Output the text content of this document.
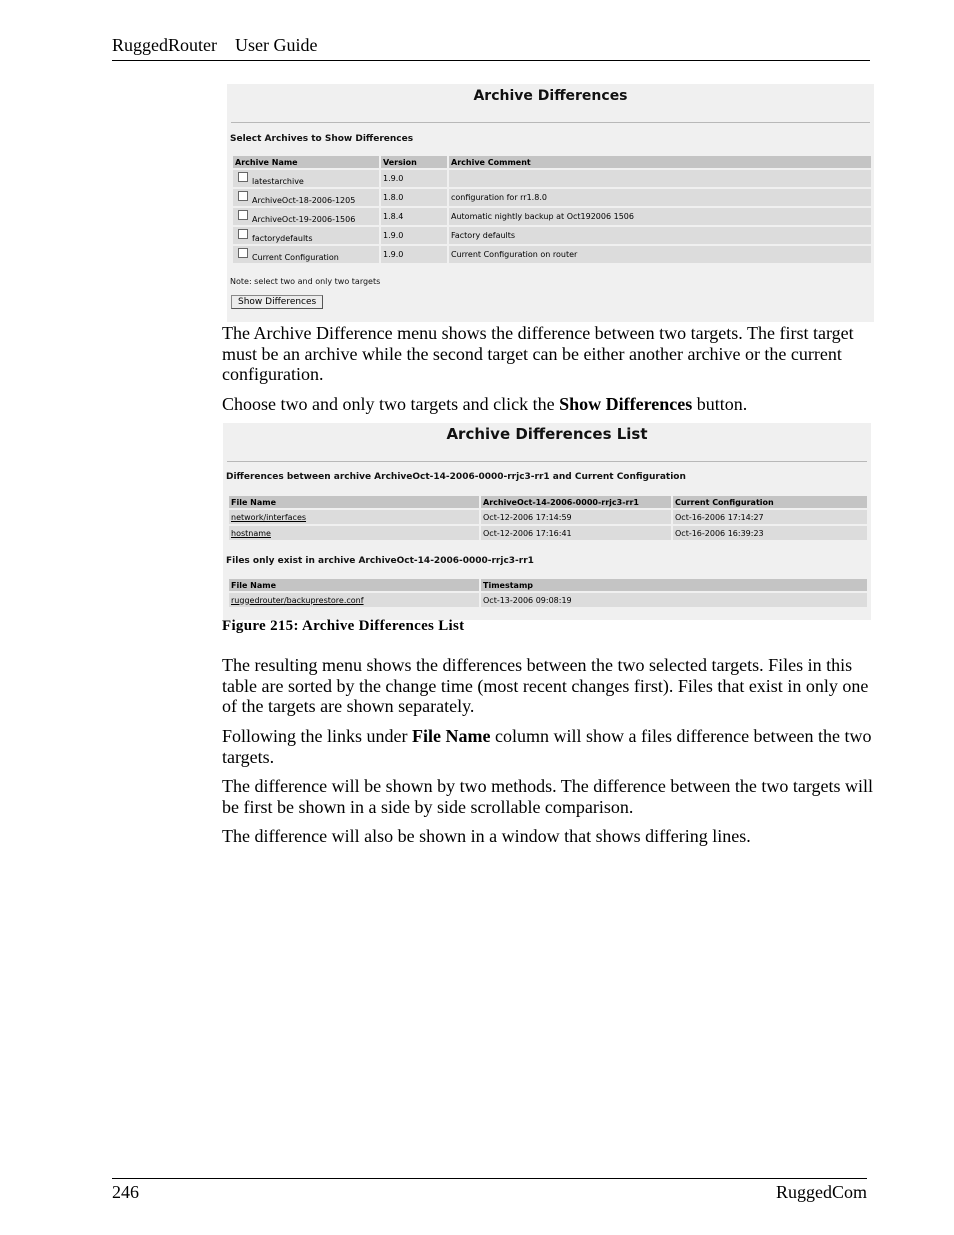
RuggedRouter User Guide
Archive Differences
Select Archives to Show Differences
Archive Name	Version	Archive Comment
latestarchive	1.9.0	
ArchiveOct-18-2006-1205	1.8.0	configuration for rr1.8.0
ArchiveOct-19-2006-1506	1.8.4	Automatic nightly backup at Oct192006 1506
factorydefaults	1.9.0	Factory defaults
Current Configuration	1.9.0	Current Configuration on router
Note: select two and only two targets
Show Differences
The Archive Difference menu shows the difference between two targets. The first target must be an archive while the second target can be either another archive or the current configuration.
Choose two and only two targets and click the Show Differences button.
Archive Differences List
Differences between archive ArchiveOct-14-2006-0000-rrjc3-rr1 and Current Configuration
File Name	ArchiveOct-14-2006-0000-rrjc3-rr1	Current Configuration
network/interfaces	Oct-12-2006 17:14:59	Oct-16-2006 17:14:27
hostname	Oct-12-2006 17:16:41	Oct-16-2006 16:39:23
Files only exist in archive ArchiveOct-14-2006-0000-rrjc3-rr1
File Name	Timestamp
ruggedrouter/backuprestore.conf	Oct-13-2006 09:08:19
Figure 215: Archive Differences List
The resulting menu shows the differences between the two selected targets. Files in this table are sorted by the change time (most recent changes first). Files that exist in only one of the targets are shown separately.
Following the links under File Name column will show a files difference between the two targets.
The difference will be shown by two methods. The difference between the two targets will be first be shown in a side by side scrollable comparison.
The difference will also be shown in a window that shows differing lines.
246	RuggedCom
